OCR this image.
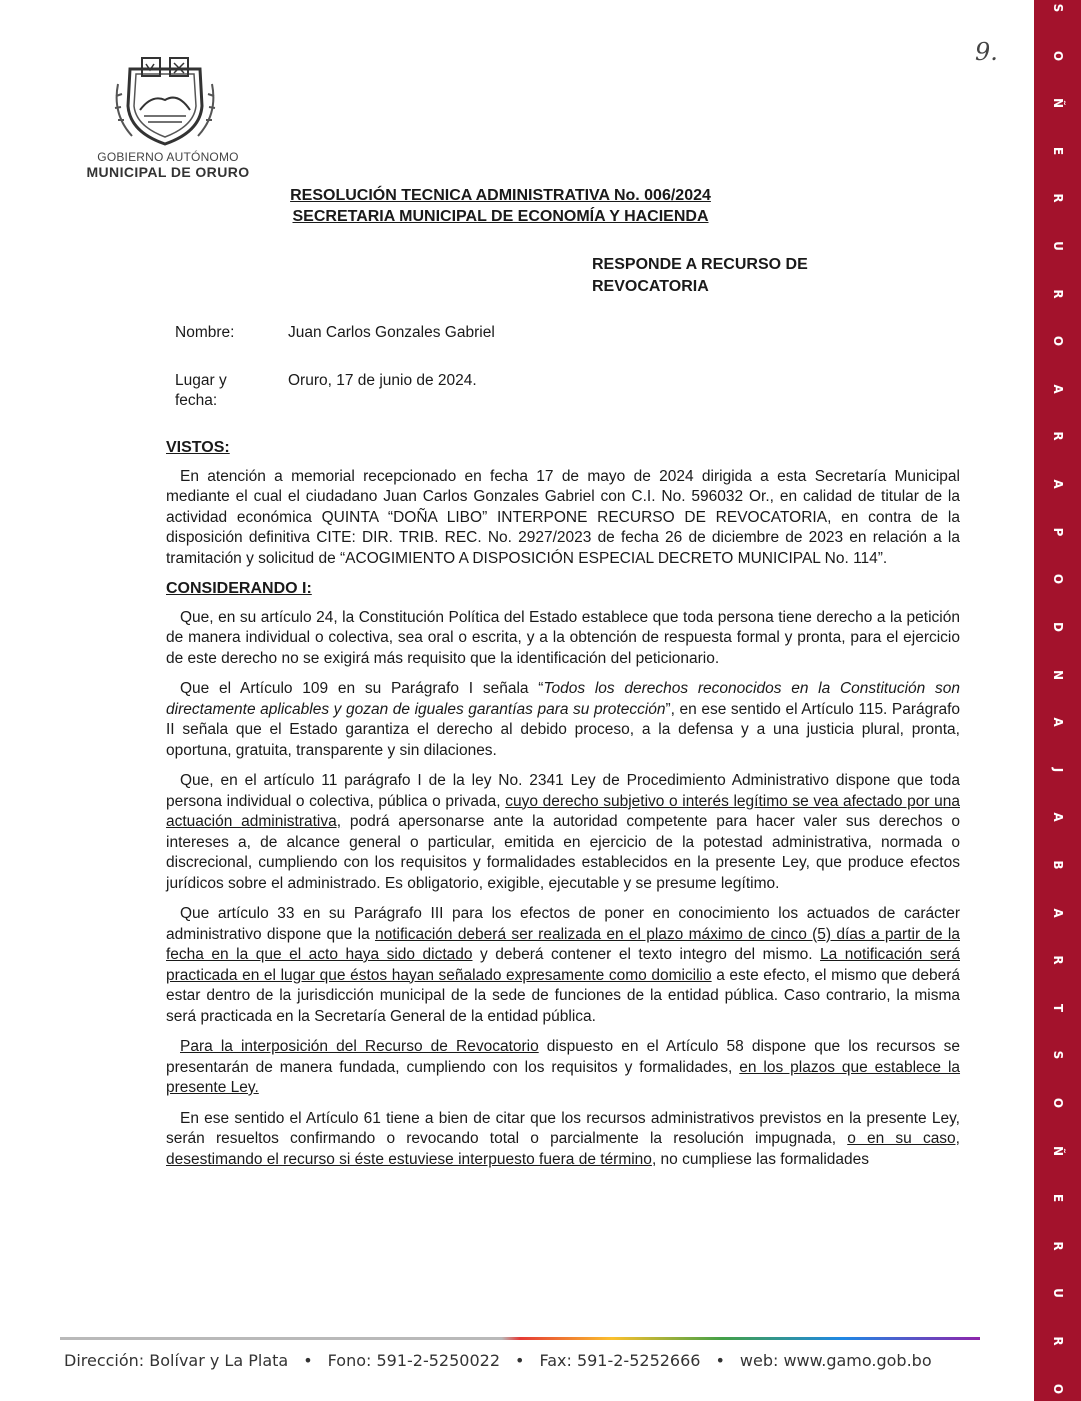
S
O
Ñ
E
R
U
R
O
A
R
A
P
O
D
N
A
J
A
B
A
R
T
S
O
Ñ
E
R
U
R
O
GOBIERNO AUTÓNOMO
MUNICIPAL DE ORURO
9.
RESOLUCIÓN TECNICA ADMINISTRATIVA No. 006/2024
SECRETARIA MUNICIPAL DE ECONOMÍA Y HACIENDA
RESPONDE A RECURSO DE
REVOCATORIA
Nombre:	Juan Carlos Gonzales Gabriel
Lugar y
fecha:
Oruro, 17 de junio de 2024.
VISTOS:

En atención a memorial recepcionado en fecha 17 de mayo de 2024 dirigida a esta Secretaría Municipal mediante el cual el ciudadano Juan Carlos Gonzales Gabriel con C.I. No. 596032 Or., en calidad de titular de la actividad económica QUINTA “DOÑA LIBO” INTERPONE RECURSO DE REVOCATORIA, en contra de la disposición definitiva CITE: DIR. TRIB. REC. No. 2927/2023 de fecha 26 de diciembre de 2023 en relación a la tramitación y solicitud de “ACOGIMIENTO A DISPOSICIÓN ESPECIAL DECRETO MUNICIPAL No. 114”.

CONSIDERANDO I:

Que, en su artículo 24, la Constitución Política del Estado establece que toda persona tiene derecho a la petición de manera individual o colectiva, sea oral o escrita, y a la obtención de respuesta formal y pronta, para el ejercicio de este derecho no se exigirá más requisito que la identificación del peticionario.

Que el Artículo 109 en su Parágrafo I señala “Todos los derechos reconocidos en la Constitución son directamente aplicables y gozan de iguales garantías para su protección”, en ese sentido el Artículo 115. Parágrafo II señala que el Estado garantiza el derecho al debido proceso, a la defensa y a una justicia plural, pronta, oportuna, gratuita, transparente y sin dilaciones.

Que, en el artículo 11 parágrafo I de la ley No. 2341 Ley de Procedimiento Administrativo dispone que toda persona individual o colectiva, pública o privada, cuyo derecho subjetivo o interés legítimo se vea afectado por una actuación administrativa, podrá apersonarse ante la autoridad competente para hacer valer sus derechos o intereses a, de alcance general o particular, emitida en ejercicio de la potestad administrativa, normada o discrecional, cumpliendo con los requisitos y formalidades establecidos en la presente Ley, que produce efectos jurídicos sobre el administrado. Es obligatorio, exigible, ejecutable y se presume legítimo.

Que artículo 33 en su Parágrafo III para los efectos de poner en conocimiento los actuados de carácter administrativo dispone que la notificación deberá ser realizada en el plazo máximo de cinco (5) días a partir de la fecha en la que el acto haya sido dictado y deberá contener el texto integro del mismo. La notificación será practicada en el lugar que éstos hayan señalado expresamente como domicilio a este efecto, el mismo que deberá estar dentro de la jurisdicción municipal de la sede de funciones de la entidad pública. Caso contrario, la misma será practicada en la Secretaría General de la entidad pública.

Para la interposición del Recurso de Revocatorio dispuesto en el Artículo 58 dispone que los recursos se presentarán de manera fundada, cumpliendo con los requisitos y formalidades, en los plazos que establece la presente Ley.

En ese sentido el Artículo 61 tiene a bien de citar que los recursos administrativos previstos en la presente Ley, serán resueltos confirmando o revocando total o parcialmente la resolución impugnada, o en su caso, desestimando el recurso si éste estuviese interpuesto fuera de término, no cumpliese las formalidades

Dirección: Bolívar y La Plata • Fono: 591-2-5250022 • Fax: 591-2-5252666 • web: www.gamo.gob.bo
